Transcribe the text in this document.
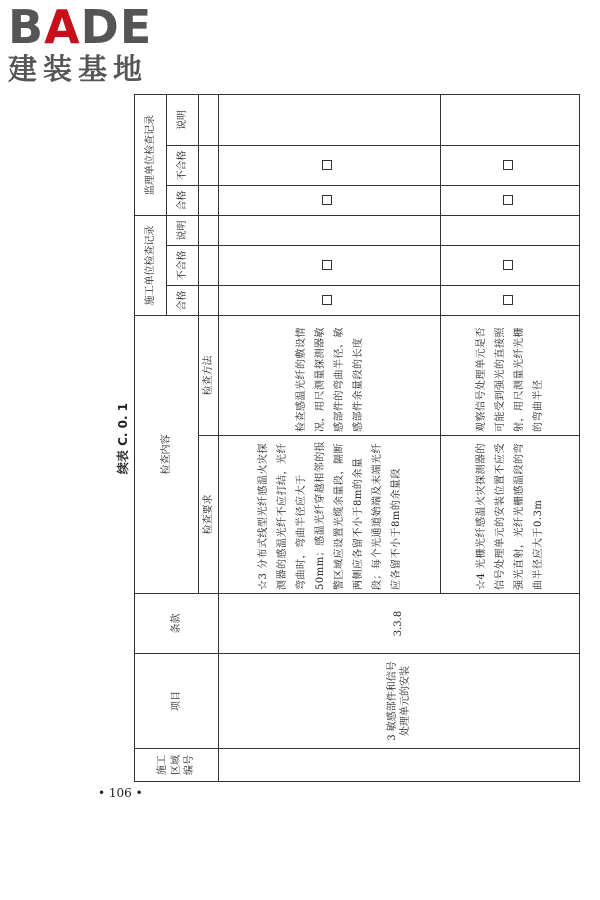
BADE
建装基地
续表 C. 0. 1
施工区域编号	项目	条款	检查内容		施工单位检查记录			监理单位检查记录		
					合格	不合格	说明	合格	不合格	说明
			检查要求	检查方法						
	3 敏感部件和信号处理单元的安装	3.3.8	☆3 分布式线型光纤感温火灾探测器的感温光纤不应打结，光纤弯曲时，弯曲半径应大于50mm；感温光纤穿越相邻的报警区域应设置光缆余量段，隔断两侧应各留不小于8m的余量段；每个光通道始端及末端光纤应各留不小于8m的余量段	检查感温光纤的敷设情况，用尺测量探测器敏感部件的弯曲半径、敏感部件余量段的长度						
			☆4 光栅光纤感温火灾探测器的信号处理单元的安装位置不应受强光直射，光纤光栅感温段的弯曲半径应大于0.3m	观察信号处理单元是否可能受到强光的直接照射，用尺测量光纤光栅的弯曲半径						
• 106 •
